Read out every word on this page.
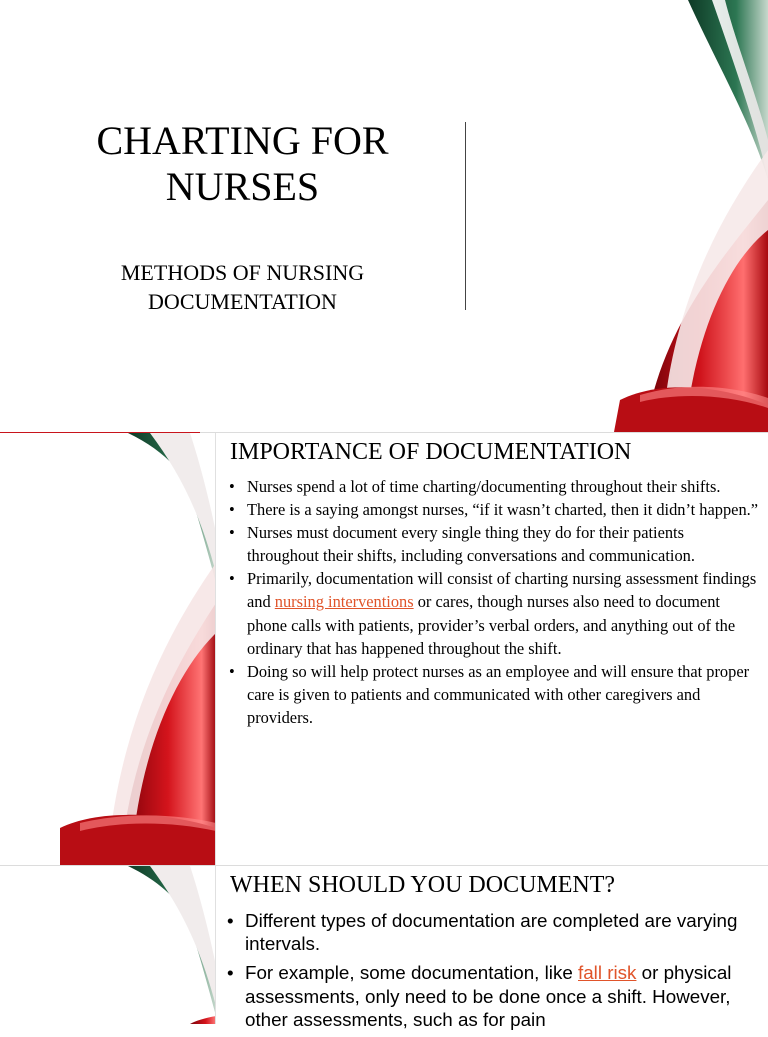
CHARTING FOR NURSES
METHODS OF NURSING DOCUMENTATION
IMPORTANCE OF DOCUMENTATION
• Nurses spend a lot of time charting/documenting throughout their shifts.
• There is a saying amongst nurses, “if it wasn’t charted, then it didn’t happen.”
• Nurses must document every single thing they do for their patients throughout their shifts, including conversations and communication.
• Primarily, documentation will consist of charting nursing assessment findings and nursing interventions or cares, though nurses also need to document phone calls with patients, provider’s verbal orders, and anything out of the ordinary that has happened throughout the shift.
• Doing so will help protect nurses as an employee and will ensure that proper care is given to patients and communicated with other caregivers and providers.
WHEN SHOULD YOU DOCUMENT?
• Different types of documentation are completed are varying intervals.
• For example, some documentation, like fall risk or physical assessments, only need to be done once a shift. However, other assessments, such as for pain
